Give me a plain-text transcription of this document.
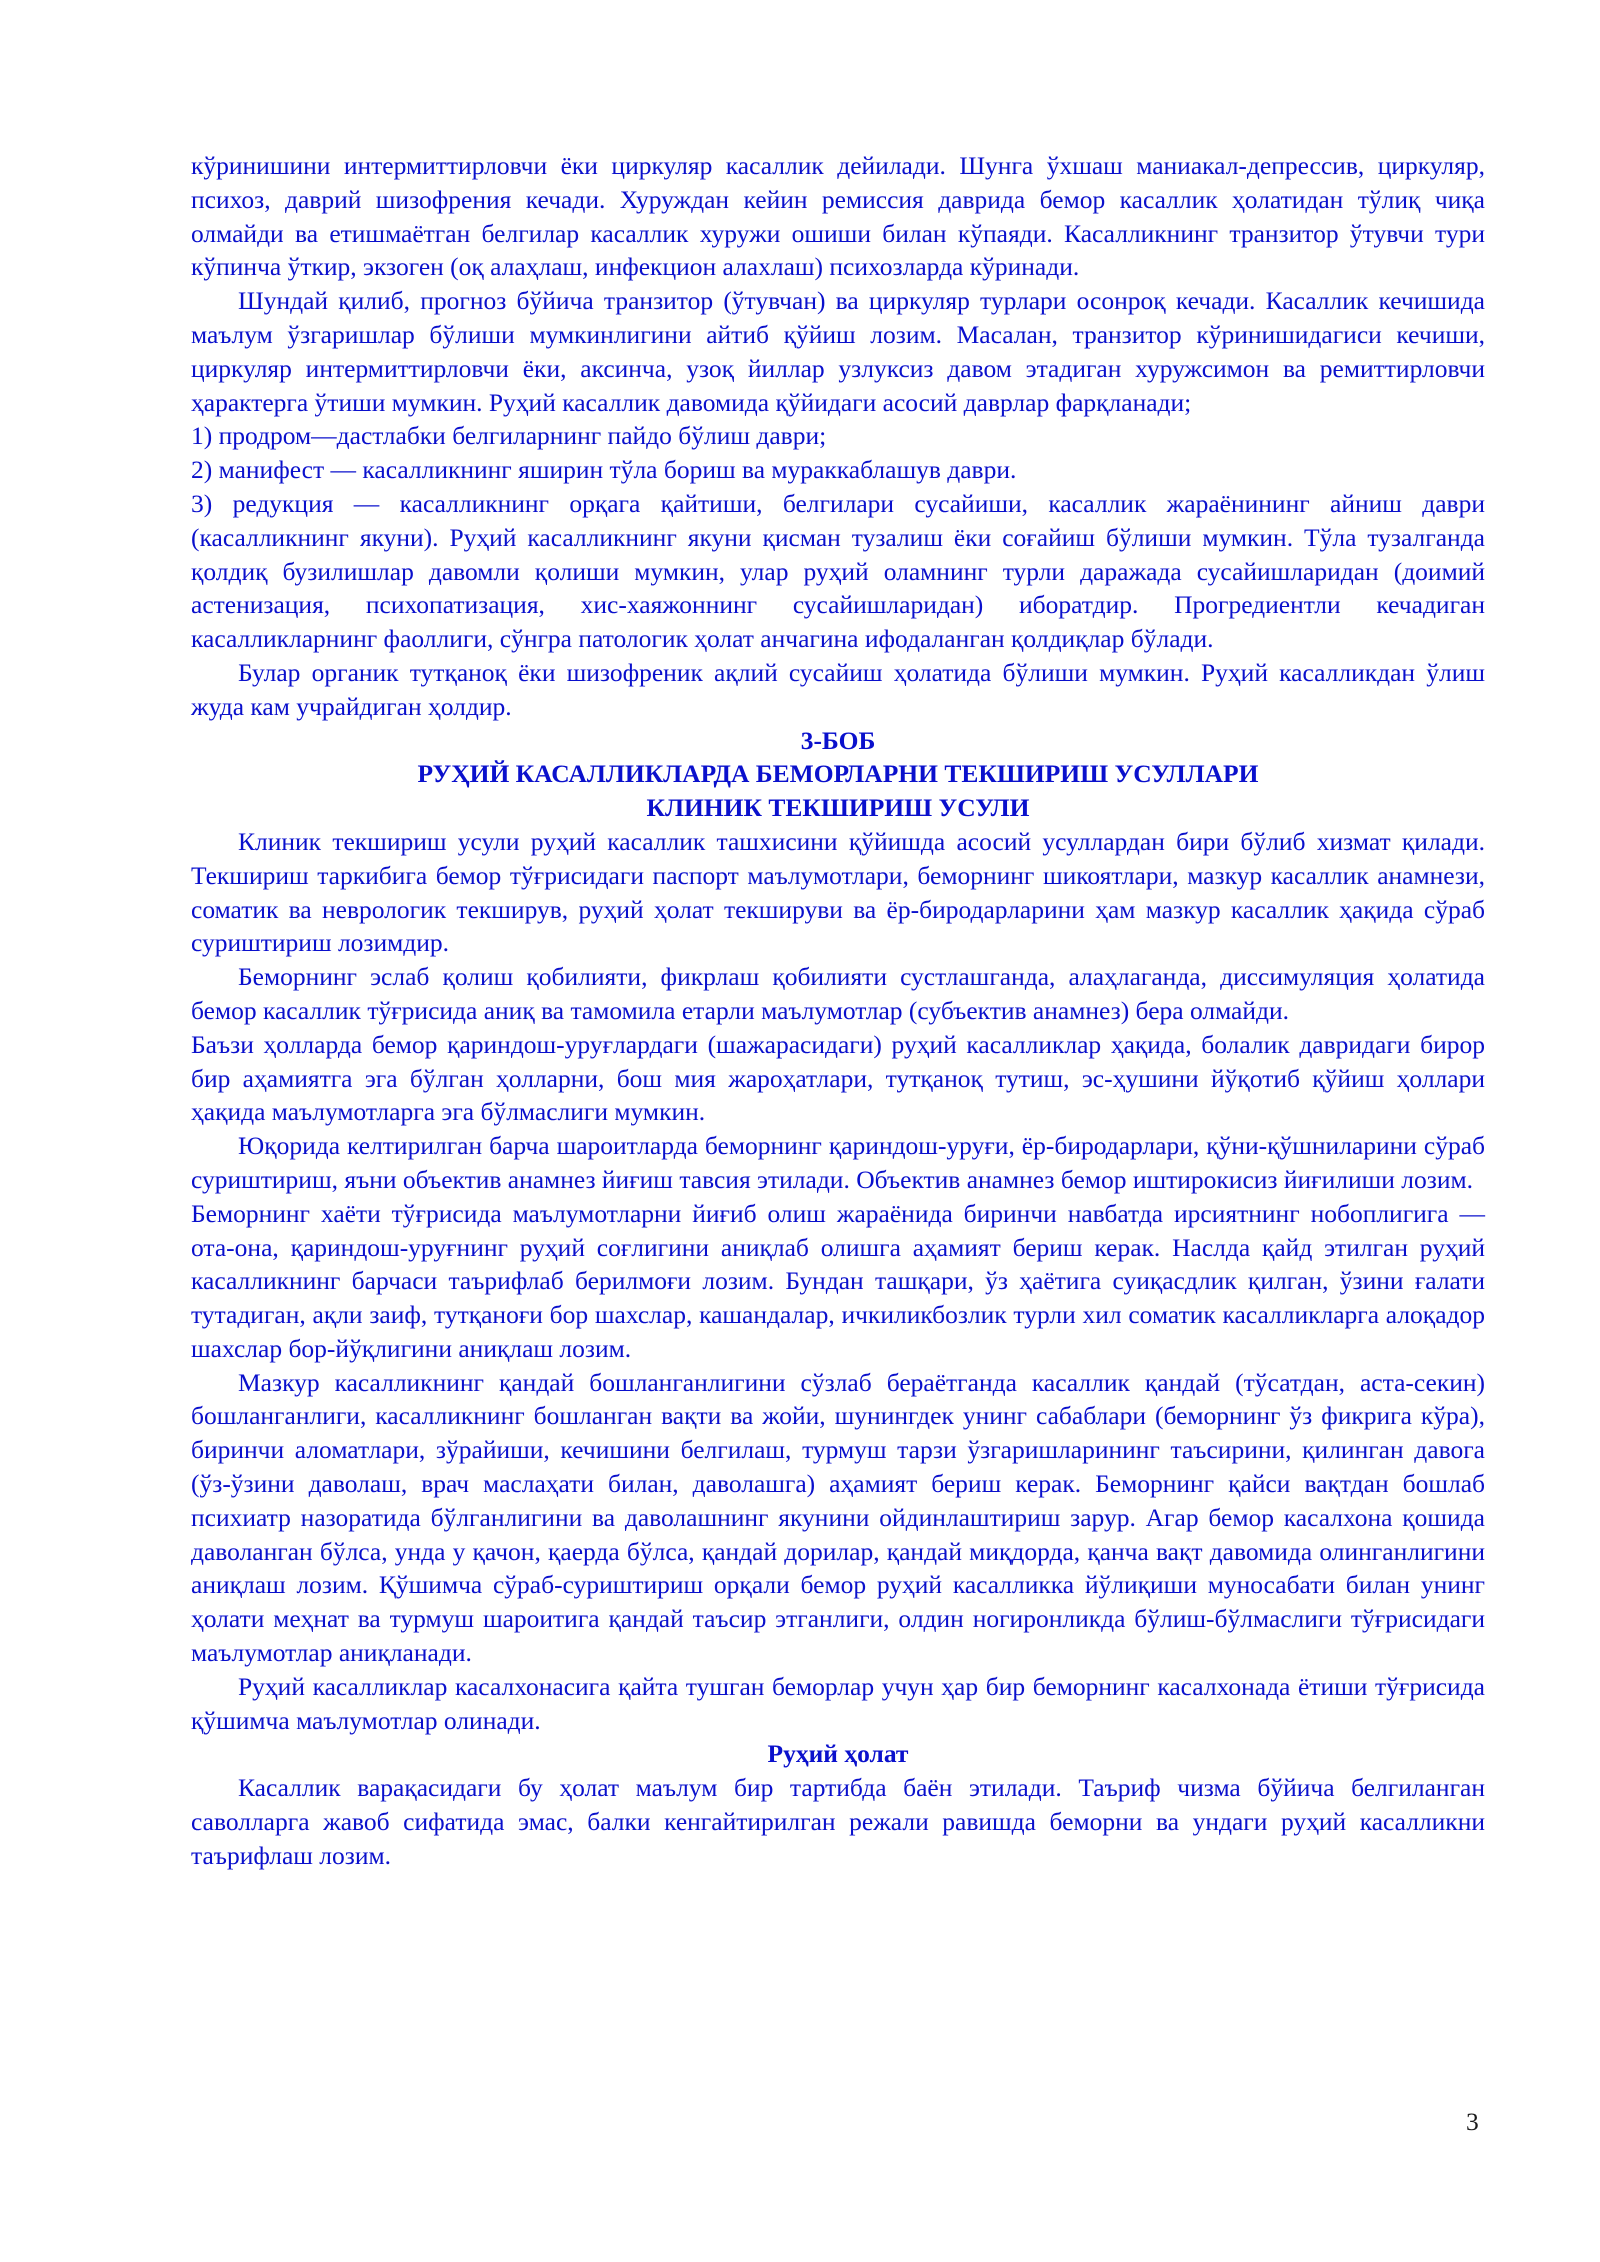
кўринишини интермиттирловчи ёки циркуляр касаллик дейилади. Шунга ўхшаш маниакал-депрессив, циркуляр, психоз, даврий шизофрения кечади. Хуруждан кейин ремиссия даврида бемор касаллик ҳолатидан тўлиқ чиқа олмайди ва етишмаётган белгилар касаллик хуружи ошиши билан кўпаяди. Касалликнинг транзитор ўтувчи тури кўпинча ўткир, экзоген (оқ алаҳлаш, инфекцион алахлаш) психозларда кўринади.

Шундай қилиб, прогноз бўйича транзитор (ўтувчан) ва циркуляр турлари осонроқ кечади. Касаллик кечишида маълум ўзгаришлар бўлиши мумкинлигини айтиб қўйиш лозим. Масалан, транзитор кўринишидагиси кечиши, циркуляр интермиттирловчи ёки, аксинча, узоқ йиллар узлуксиз давом этадиган хуружсимон ва ремиттирловчи ҳарактерга ўтиши мумкин. Руҳий касаллик давомида қўйидаги асосий даврлар фарқланади;

1) продром—дастлабки белгиларнинг пайдо бўлиш даври;

2) манифест — касалликнинг яширин тўла бориш ва мураккаблашув даври.

3) редукция — касалликнинг орқага қайтиши, белгилари сусайиши, касаллик жараёнининг айниш даври (касалликнинг якуни). Руҳий касалликнинг якуни қисман тузалиш ёки соғайиш бўлиши мумкин. Тўла тузалганда қолдиқ бузилишлар давомли қолиши мумкин, улар руҳий оламнинг турли даражада сусайишларидан (доимий астенизация, психопатизация, хис-хаяжоннинг сусайишларидан) иборатдир. Прогредиентли кечадиган касалликларнинг фаоллиги, сўнгра патологик ҳолат анчагина ифодаланган қолдиқлар бўлади.

Булар органик тутқаноқ ёки шизофреник ақлий сусайиш ҳолатида бўлиши мумкин. Руҳий касалликдан ўлиш жуда кам учрайдиган ҳолдир.

3-БОБ

РУҲИЙ КАСАЛЛИКЛАРДА БЕМОРЛАРНИ ТЕКШИРИШ УСУЛЛАРИ

КЛИНИК ТЕКШИРИШ УСУЛИ

Клиник текшириш усули руҳий касаллик ташхисини қўйишда асосий усуллардан бири бўлиб хизмат қилади. Текшириш таркибига бемор тўғрисидаги паспорт маълумотлари, беморнинг шикоятлари, мазкур касаллик анамнези, соматик ва неврологик текширув, руҳий ҳолат текшируви ва ёр-биродарларини ҳам мазкур касаллик ҳақида сўраб суриштириш лозимдир.

Беморнинг эслаб қолиш қобилияти, фикрлаш қобилияти сустлашганда, алаҳлаганда, диссимуляция ҳолатида бемор касаллик тўғрисида аниқ ва тамомила етарли маълумотлар (субъектив анамнез) бера олмайди.

Баъзи ҳолларда бемор қариндош-уруғлардаги (шажарасидаги) руҳий касалликлар ҳақида, болалик давридаги бирор бир аҳамиятга эга бўлган ҳолларни, бош мия жароҳатлари, тутқаноқ тутиш, эс-ҳушини йўқотиб қўйиш ҳоллари ҳақида маълумотларга эга бўлмаслиги мумкин.

Юқорида келтирилган барча шароитларда беморнинг қариндош-уруғи, ёр-биродарлари, қўни-қўшниларини сўраб суриштириш, яъни объектив анамнез йиғиш тавсия этилади. Объектив анамнез бемор иштирокисиз йиғилиши лозим.

Беморнинг хаёти тўғрисида маълумотларни йиғиб олиш жараёнида биринчи навбатда ирсиятнинг нобоплигига — ота-она, қариндош-уруғнинг руҳий соғлигини аниқлаб олишга аҳамият бериш керак. Наслда қайд этилган руҳий касалликнинг барчаси таърифлаб берилмоғи лозим. Бундан ташқари, ўз ҳаётига суиқасдлик қилган, ўзини ғалати тутадиган, ақли заиф, тутқаноғи бор шахслар, кашандалар, ичкиликбозлик турли хил соматик касалликларга алоқадор шахслар бор-йўқлигини аниқлаш лозим.

Мазкур касалликнинг қандай бошланганлигини сўзлаб бераётганда касаллик қандай (тўсатдан, аста-секин) бошланганлиги, касалликнинг бошланган вақти ва жойи, шунингдек унинг сабаблари (беморнинг ўз фикрига кўра), биринчи аломатлари, зўрайиши, кечишини белгилаш, турмуш тарзи ўзгаришларининг таъсирини, қилинган давога (ўз-ўзини даволаш, врач маслаҳати билан, даволашга) аҳамият бериш керак. Беморнинг қайси вақтдан бошлаб психиатр назоратида бўлганлигини ва даволашнинг якунини ойдинлаштириш зарур. Агар бемор касалхона қошида даволанган бўлса, унда у қачон, қаерда бўлса, қандай дорилар, қандай миқдорда, қанча вақт давомида олинганлигини аниқлаш лозим. Қўшимча сўраб-суриштириш орқали бемор руҳий касалликка йўлиқиши муносабати билан унинг ҳолати меҳнат ва турмуш шароитига қандай таъсир этганлиги, олдин ногиронликда бўлиш-бўлмаслиги тўғрисидаги маълумотлар аниқланади.

Руҳий касалликлар касалхонасига қайта тушган беморлар учун ҳар бир беморнинг касалхонада ётиши тўғрисида қўшимча маълумотлар олинади.

Руҳий ҳолат

Касаллик варақасидаги бу ҳолат маълум бир тартибда баён этилади. Таъриф чизма бўйича белгиланган саволларга жавоб сифатида эмас, балки кенгайтирилган режали равишда беморни ва ундаги руҳий касалликни таърифлаш лозим.

3
